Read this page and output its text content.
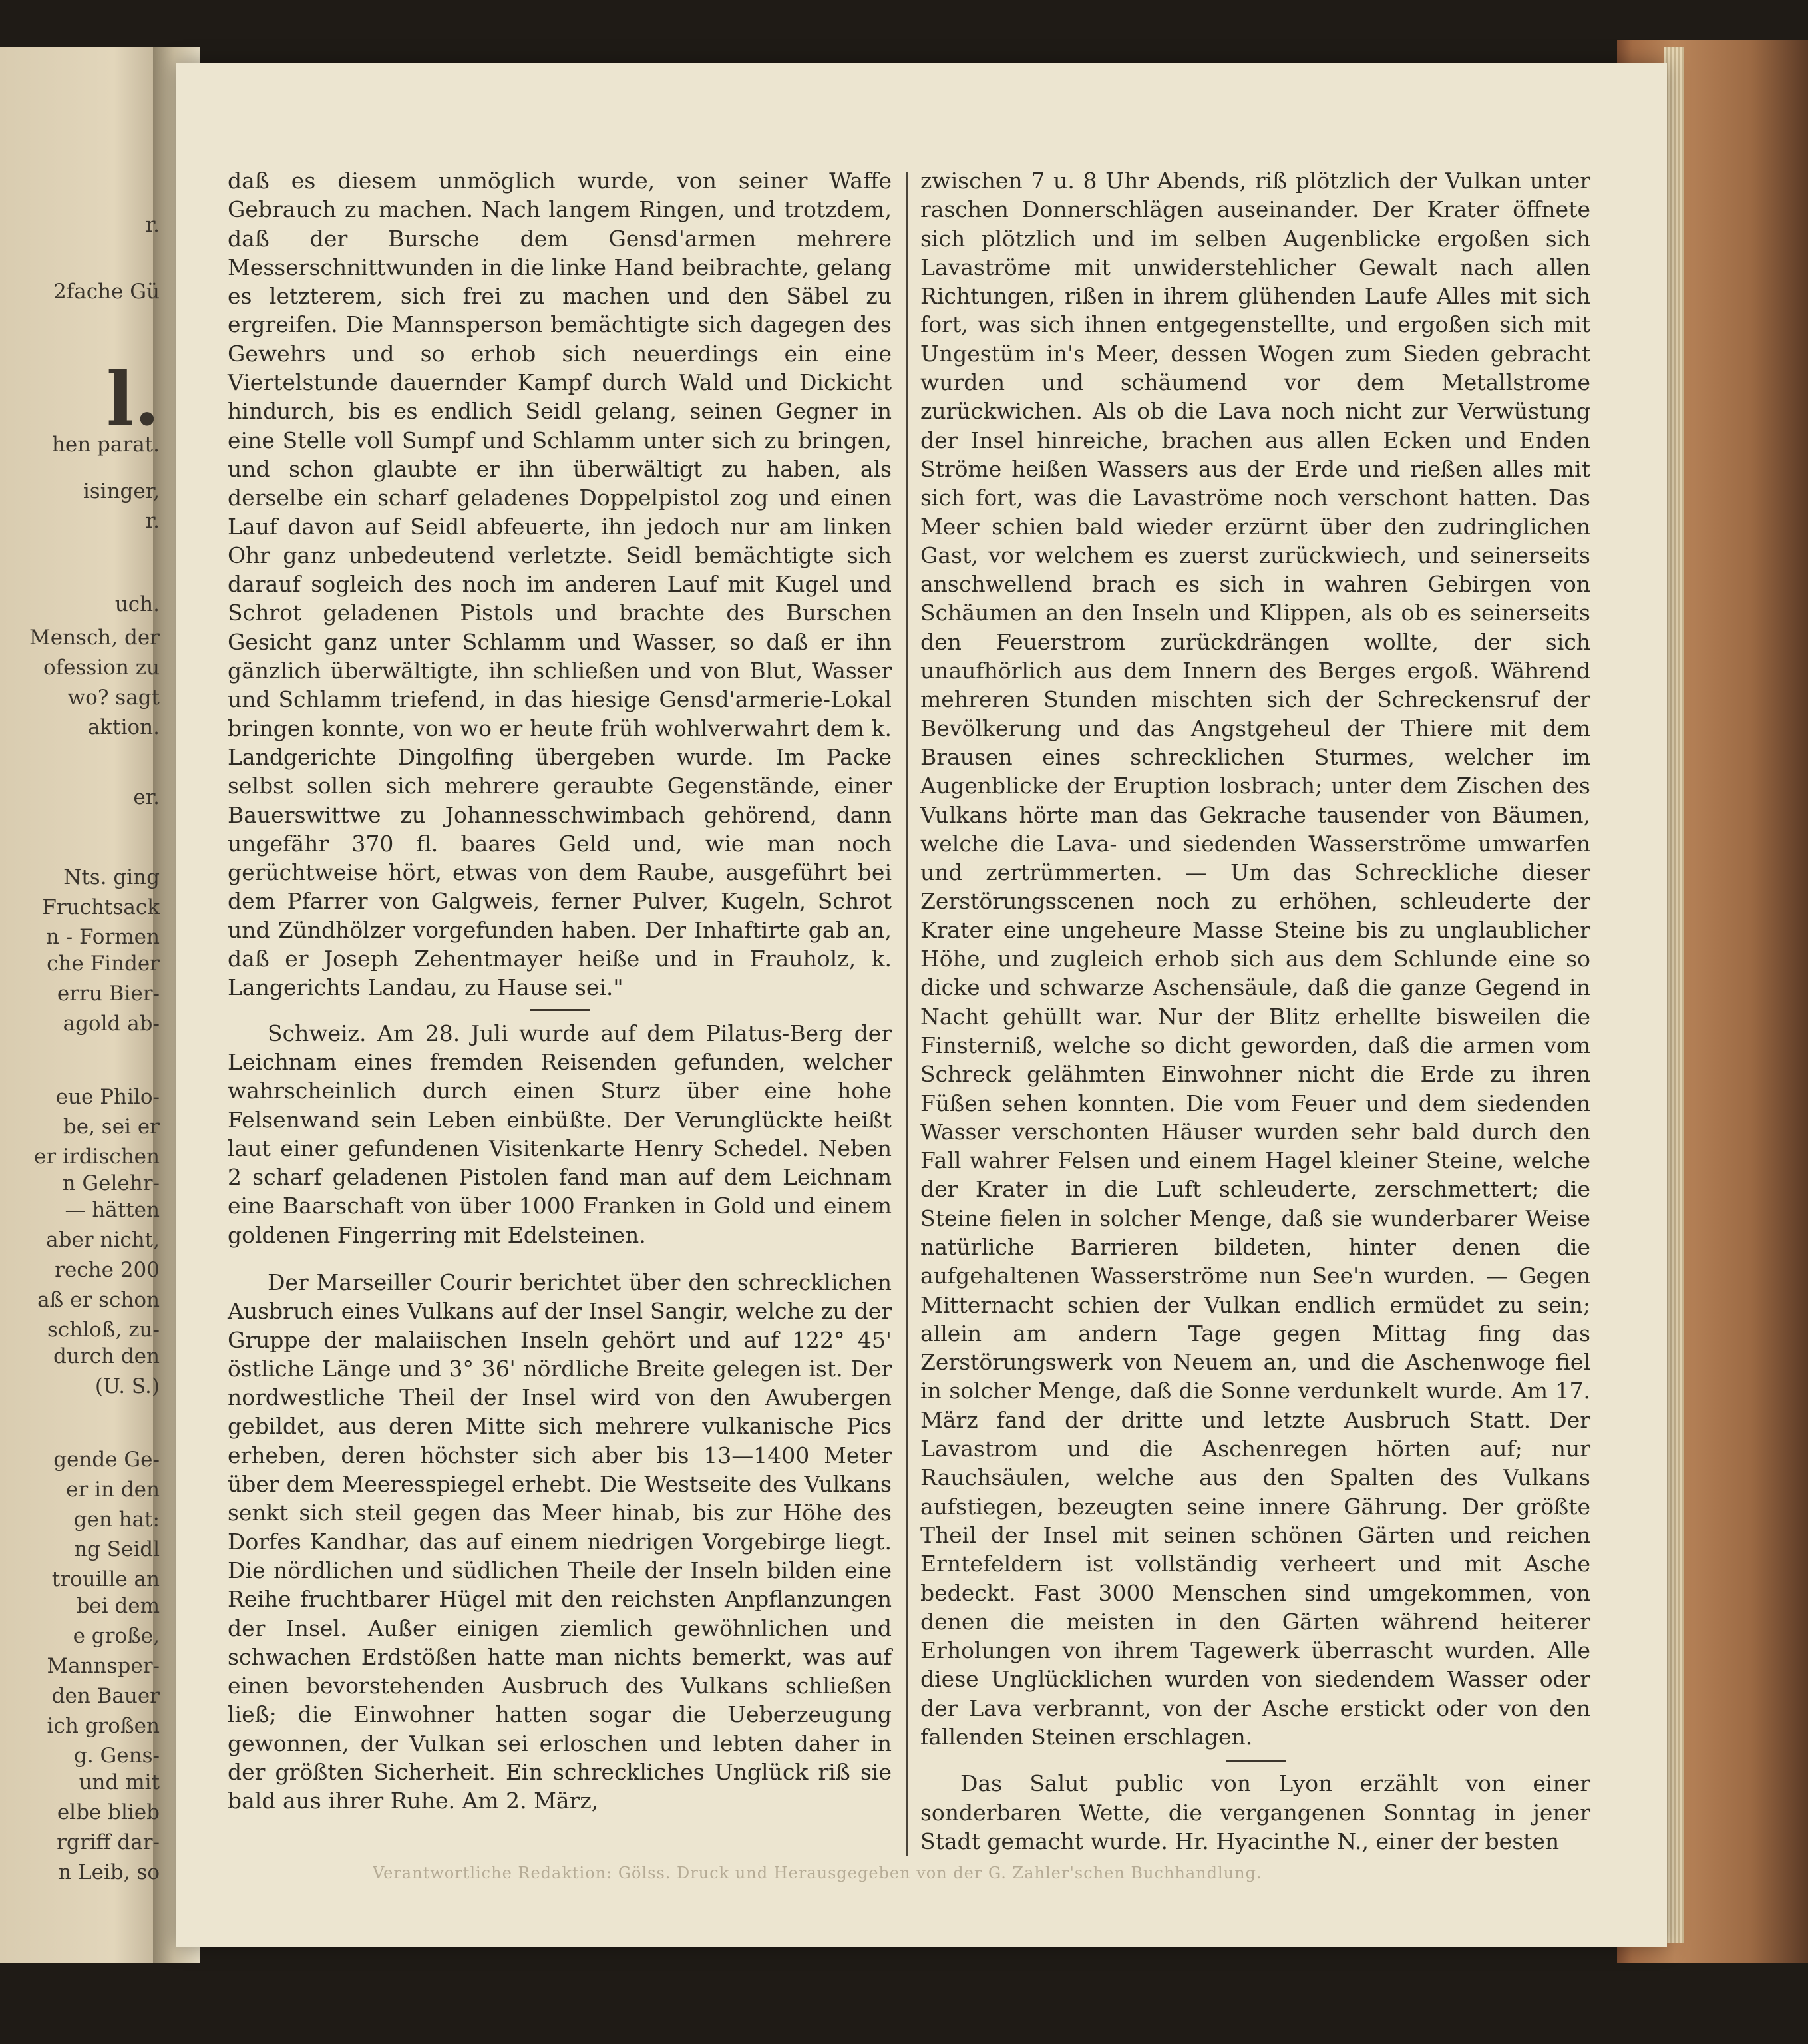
daß es diesem unmöglich wurde, von seiner Waffe Gebrauch zu machen. Nach langem Ringen, und trotzdem, daß der Bursche dem Gensd'armen mehrere Messerschnittwunden in die linke Hand beibrachte, gelang es letzterem, sich frei zu machen und den Säbel zu ergreifen. Die Mannsperson bemächtigte sich dagegen des Gewehrs und so erhob sich neuerdings ein eine Viertelstunde dauernder Kampf durch Wald und Dickicht hindurch, bis es endlich Seidl gelang, seinen Gegner in eine Stelle voll Sumpf und Schlamm unter sich zu bringen, und schon glaubte er ihn überwältigt zu haben, als derselbe ein scharf geladenes Doppelpistol zog und einen Lauf davon auf Seidl abfeuerte, ihn jedoch nur am linken Ohr ganz unbedeutend verletzte. Seidl bemächtigte sich darauf sogleich des noch im anderen Lauf mit Kugel und Schrot geladenen Pistols und brachte des Burschen Gesicht ganz unter Schlamm und Wasser, so daß er ihn gänzlich überwältigte, ihn schließen und von Blut, Wasser und Schlamm triefend, in das hiesige Gensd'armerie-Lokal bringen konnte, von wo er heute früh wohlverwahrt dem k. Landgerichte Dingolfing übergeben wurde. Im Packe selbst sollen sich mehrere geraubte Gegenstände, einer Bauerswittwe zu Johannesschwimbach gehörend, dann ungefähr 370 fl. baares Geld und, wie man noch gerüchtweise hört, etwas von dem Raube, ausgeführt bei dem Pfarrer von Galgweis, ferner Pulver, Kugeln, Schrot und Zündhölzer vorgefunden haben. Der Inhaftirte gab an, daß er Joseph Zehentmayer heiße und in Frauholz, k. Langerichts Landau, zu Hause sei."

Schweiz. Am 28. Juli wurde auf dem Pilatus-Berg der Leichnam eines fremden Reisenden gefunden, welcher wahrscheinlich durch einen Sturz über eine hohe Felsenwand sein Leben einbüßte. Der Verunglückte heißt laut einer gefundenen Visitenkarte Henry Schedel. Neben 2 scharf geladenen Pistolen fand man auf dem Leichnam eine Baarschaft von über 1000 Franken in Gold und einem goldenen Fingerring mit Edelsteinen.

Der Marseiller Courir berichtet über den schrecklichen Ausbruch eines Vulkans auf der Insel Sangir, welche zu der Gruppe der malaiischen Inseln gehört und auf 122° 45' östliche Länge und 3° 36' nördliche Breite gelegen ist. Der nordwestliche Theil der Insel wird von den Awubergen gebildet, aus deren Mitte sich mehrere vulkanische Pics erheben, deren höchster sich aber bis 13—1400 Meter über dem Meeresspiegel erhebt. Die Westseite des Vulkans senkt sich steil gegen das Meer hinab, bis zur Höhe des Dorfes Kandhar, das auf einem niedrigen Vorgebirge liegt. Die nördlichen und südlichen Theile der Inseln bilden eine Reihe fruchtbarer Hügel mit den reichsten Anpflanzungen der Insel. Außer einigen ziemlich gewöhnlichen und schwachen Erdstößen hatte man nichts bemerkt, was auf einen bevorstehenden Ausbruch des Vulkans schließen ließ; die Einwohner hatten sogar die Ueberzeugung gewonnen, der Vulkan sei erloschen und lebten daher in der größten Sicherheit. Ein schreckliches Unglück riß sie bald aus ihrer Ruhe. Am 2. März,

zwischen 7 u. 8 Uhr Abends, riß plötzlich der Vulkan unter raschen Donnerschlägen auseinander. Der Krater öffnete sich plötzlich und im selben Augenblicke ergoßen sich Lavaströme mit unwiderstehlicher Gewalt nach allen Richtungen, rißen in ihrem glühenden Laufe Alles mit sich fort, was sich ihnen entgegenstellte, und ergoßen sich mit Ungestüm in's Meer, dessen Wogen zum Sieden gebracht wurden und schäumend vor dem Metallstrome zurückwichen. Als ob die Lava noch nicht zur Verwüstung der Insel hinreiche, brachen aus allen Ecken und Enden Ströme heißen Wassers aus der Erde und rießen alles mit sich fort, was die Lavaströme noch verschont hatten. Das Meer schien bald wieder erzürnt über den zudringlichen Gast, vor welchem es zuerst zurückwiech, und seinerseits anschwellend brach es sich in wahren Gebirgen von Schäumen an den Inseln und Klippen, als ob es seinerseits den Feuerstrom zurückdrängen wollte, der sich unaufhörlich aus dem Innern des Berges ergoß. Während mehreren Stunden mischten sich der Schreckensruf der Bevölkerung und das Angstgeheul der Thiere mit dem Brausen eines schrecklichen Sturmes, welcher im Augenblicke der Eruption losbrach; unter dem Zischen des Vulkans hörte man das Gekrache tausender von Bäumen, welche die Lava- und siedenden Wasserströme umwarfen und zertrümmerten. — Um das Schreckliche dieser Zerstörungsscenen noch zu erhöhen, schleuderte der Krater eine ungeheure Masse Steine bis zu unglaublicher Höhe, und zugleich erhob sich aus dem Schlunde eine so dicke und schwarze Aschensäule, daß die ganze Gegend in Nacht gehüllt war. Nur der Blitz erhellte bisweilen die Finsterniß, welche so dicht geworden, daß die armen vom Schreck gelähmten Einwohner nicht die Erde zu ihren Füßen sehen konnten. Die vom Feuer und dem siedenden Wasser verschonten Häuser wurden sehr bald durch den Fall wahrer Felsen und einem Hagel kleiner Steine, welche der Krater in die Luft schleuderte, zerschmettert; die Steine fielen in solcher Menge, daß sie wunderbarer Weise natürliche Barrieren bildeten, hinter denen die aufgehaltenen Wasserströme nun See'n wurden. — Gegen Mitternacht schien der Vulkan endlich ermüdet zu sein; allein am andern Tage gegen Mittag fing das Zerstörungswerk von Neuem an, und die Aschenwoge fiel in solcher Menge, daß die Sonne verdunkelt wurde. Am 17. März fand der dritte und letzte Ausbruch Statt. Der Lavastrom und die Aschenregen hörten auf; nur Rauchsäulen, welche aus den Spalten des Vulkans aufstiegen, bezeugten seine innere Gährung. Der größte Theil der Insel mit seinen schönen Gärten und reichen Erntefeldern ist vollständig verheert und mit Asche bedeckt. Fast 3000 Menschen sind umgekommen, von denen die meisten in den Gärten während heiterer Erholungen von ihrem Tagewerk überrascht wurden. Alle diese Unglücklichen wurden von siedendem Wasser oder der Lava verbrannt, von der Asche erstickt oder von den fallenden Steinen erschlagen.

Das Salut public von Lyon erzählt von einer sonderbaren Wette, die vergangenen Sonntag in jener Stadt gemacht wurde. Hr. Hyacinthe N., einer der besten

Verantwortliche Redaktion: Gölss. Druck und Herausgegeben von der G. Zahler'schen Buchhandlung.
r.
2fache Gü
l.
hen parat.
isinger,
r.
uch.
Mensch, der
ofession zu
wo? sagt
aktion.
er.
Nts. ging
Fruchtsack
n - Formen
che Finder
erru Bier-
agold ab-
eue Philo-
be, sei er
er irdischen
n Gelehr-
— hätten
aber nicht,
reche 200
aß er schon
schloß, zu-
durch den
(U. S.)
gende Ge-
er in den
gen hat:
ng Seidl
trouille an
bei dem
e große,
Mannsper-
den Bauer
ich großen
g. Gens-
und mit
elbe blieb
rgriff dar-
n Leib, so
